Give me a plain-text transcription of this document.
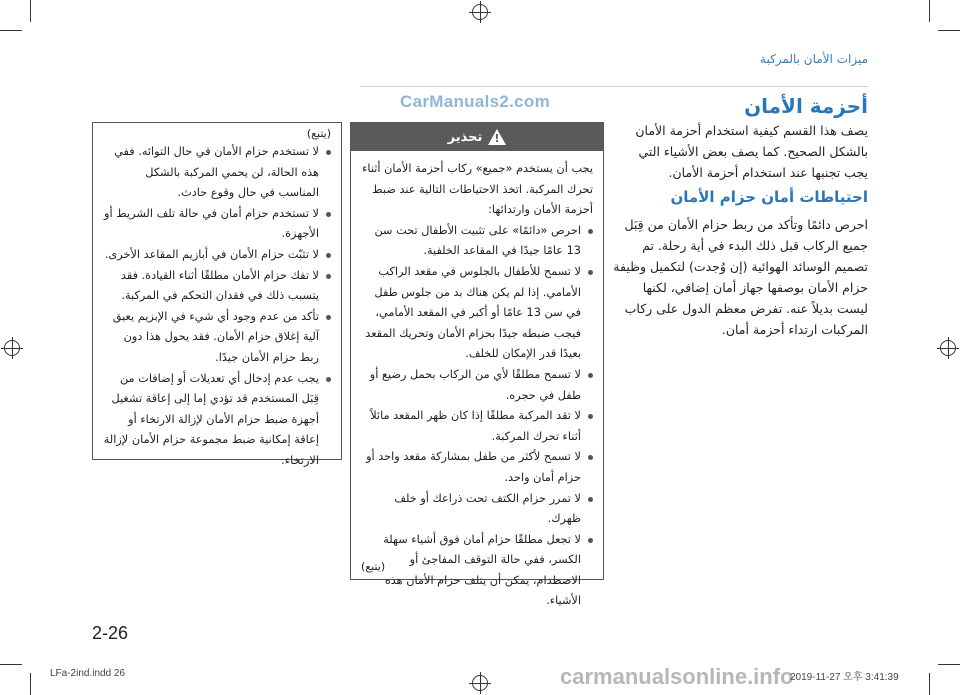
ميزات الأمان بالمركبة
CarManuals2.com	أحزمة الأمان
يصف هذا القسم كيفية استخدام أحزمة الأمان بالشكل الصحيح. كما يصف بعض الأشياء التي يجب تجنبها عند استخدام أحزمة الأمان.
احتياطات أمان حزام الأمان
احرص دائمًا وتأكد من ربط حزام الأمان من قِبَل جميع الركاب قبل ذلك البدء في أية رحلة. تم تصميم الوسائد الهوائية (إن وُجدت) لتكميل وظيفة حزام الأمان بوصفها جهاز أمان إضافي، لكنها ليست بديلاً عنه. تفرض معظم الدول على ركاب المركبات ارتداء أحزمة أمان.
!
تحذير

يجب أن يستخدم «جميع» ركاب أحزمة الأمان أثناء تحرك المركبة. اتخذ الاحتياطات التالية عند ضبط أحزمة الأمان وارتدائها:

احرص «دائمًا» على تثبيت الأطفال تحت سن 13 عامًا جيدًا في المقاعد الخلفية.
لا تسمح للأطفال بالجلوس في مقعد الراكب الأمامي. إذا لم يكن هناك بد من جلوس طفل في سن 13 عامًا أو أكبر في المقعد الأمامي، فيجب ضبطه جيدًا بحزام الأمان وتحريك المقعد بعيدًا قدر الإمكان للخلف.
لا تسمح مطلقًا لأي من الركاب بحمل رضيع أو طفل في حجره.
لا تقد المركبة مطلقًا إذا كان ظهر المقعد مائلاً أثناء تحرك المركبة.
لا تسمح لأكثر من طفل بمشاركة مقعد واحد أو حزام أمان واحد.
لا تمرر حزام الكتف تحت ذراعك أو خلف ظهرك.
لا تجعل مطلقًا حزام أمان فوق أشياء سهلة الكسر، ففي حالة التوقف المفاجئ أو الاصطدام، يمكن أن يتلف حزام الأمان هذه الأشياء.
(يتبع)
(يتبع)
لا تستخدم حزام الأمان في حال التوائه. ففي هذه الحالة، لن يحمي المركبة بالشكل المناسب في حال وقوع حادث.
لا تستخدم حزام أمان في حالة تلف الشريط أو الأجهزة.
لا تثبّت حزام الأمان في أبازيم المقاعد الأخرى.
لا تفك حزام الأمان مطلقًا أثناء القيادة. فقد يتسبب ذلك في فقدان التحكم في المركبة.
تأكد من عدم وجود أي شيء في الإبزيم يعيق آلية إغلاق حزام الأمان. فقد يحول هذا دون ربط حزام الأمان جيدًا.
يجب عدم إدخال أي تعديلات أو إضافات من قِبَل المستخدم قد تؤدي إما إلى إعاقة تشغيل أجهزة ضبط حزام الأمان لإزالة الارتخاء أو إعاقة إمكانية ضبط مجموعة حزام الأمان لإزالة الارتخاء.
2-26
LFa-2ind.indd 26	carmanualsonline.info
2019-11-27 오후 3:41:39
